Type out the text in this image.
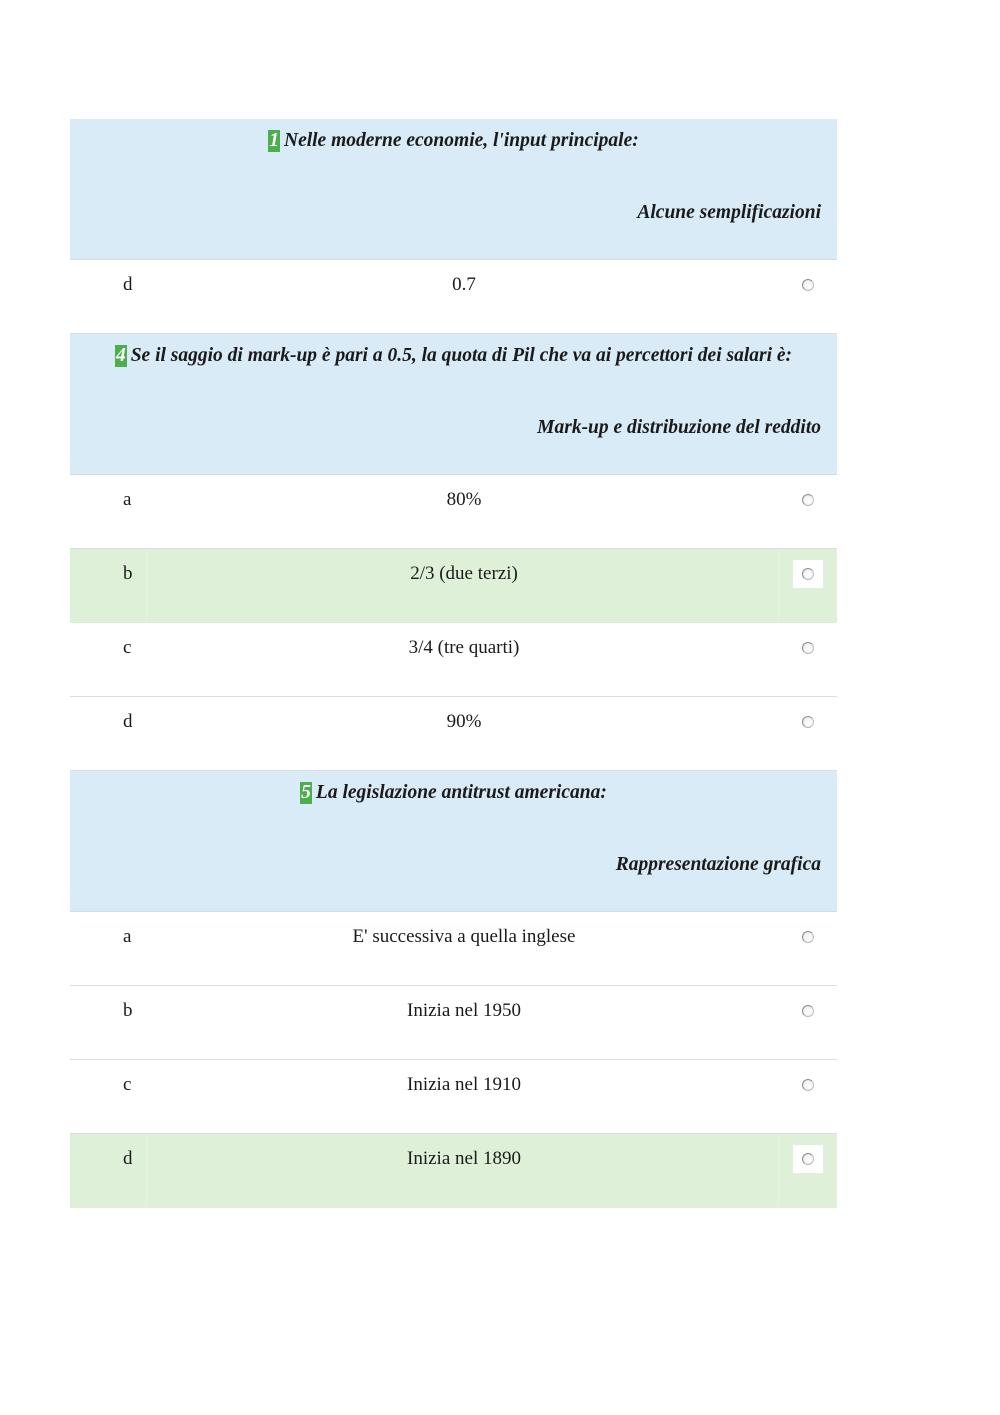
1 Nelle moderne economie, l'input principale:
Alcune semplificazioni
d	0.7
4 Se il saggio di mark-up è pari a 0.5, la quota di Pil che va ai percettori dei salari è:
Mark-up e distribuzione del reddito
a	80%
b	2/3 (due terzi)
c	3/4 (tre quarti)
d	90%
5 La legislazione antitrust americana:
Rappresentazione grafica
a	E' successiva a quella inglese
b	Inizia nel 1950
c	Inizia nel 1910
d	Inizia nel 1890
